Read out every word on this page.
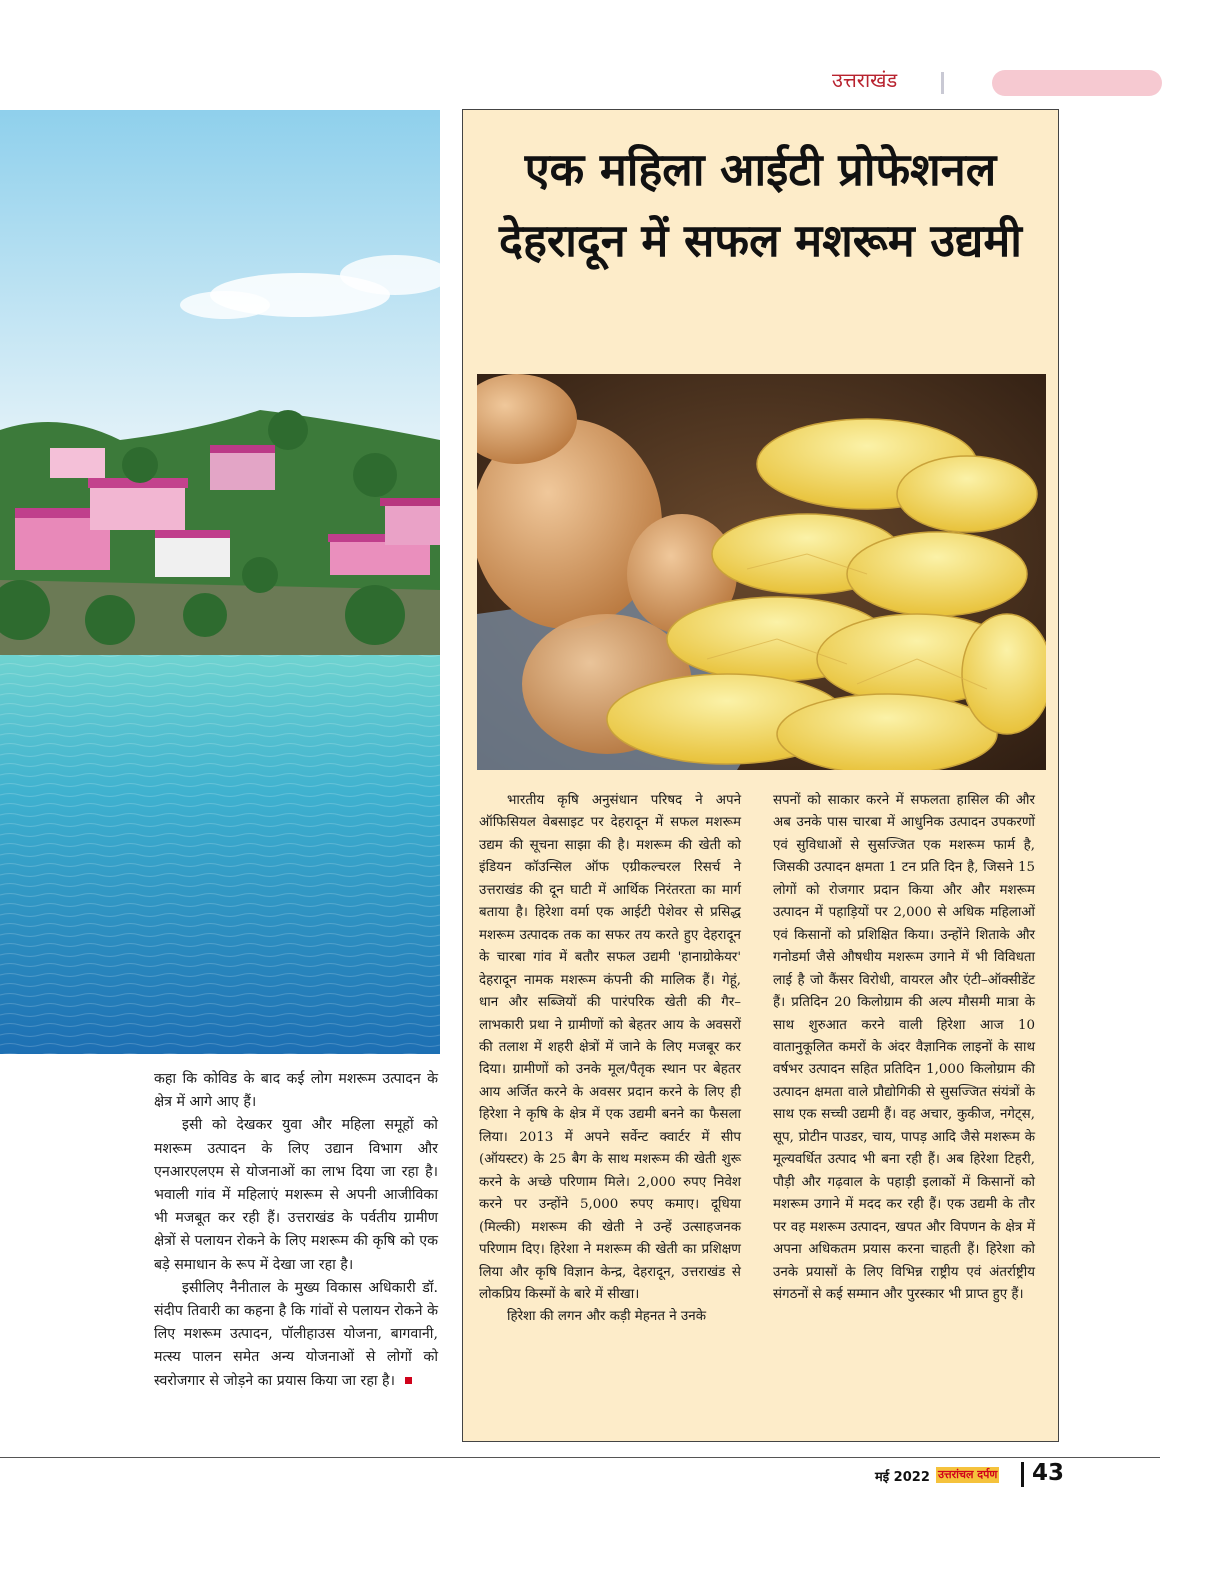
उत्तराखंड

कहा कि कोविड के बाद कई लोग मशरूम उत्पादन के क्षेत्र में आगे आए हैं।

इसी को देखकर युवा और महिला समूहों को मशरूम उत्पादन के लिए उद्यान विभाग और एनआरएलएम से योजनाओं का लाभ दिया जा रहा है। भवाली गांव में महिलाएं मशरूम से अपनी आजीविका भी मजबूत कर रही हैं। उत्तराखंड के पर्वतीय ग्रामीण क्षेत्रों से पलायन रोकने के लिए मशरूम की कृषि को एक बड़े समाधान के रूप में देखा जा रहा है।

इसीलिए नैनीताल के मुख्य विकास अधिकारी डॉ. संदीप तिवारी का कहना है कि गांवों से पलायन रोकने के लिए मशरूम उत्पादन, पॉलीहाउस योजना, बागवानी, मत्स्य पालन समेत अन्य योजनाओं से लोगों को स्वरोजगार से जोड़ने का प्रयास किया जा रहा है।

एक महिला आईटी प्रोफेशनल देहरादून में सफल मशरूम उद्यमी

भारतीय कृषि अनुसंधान परिषद ने अपने ऑफिसियल वेबसाइट पर देहरादून में सफल मशरूम उद्यम की सूचना साझा की है। मशरूम की खेती को इंडियन कॉउन्सिल ऑफ एग्रीकल्चरल रिसर्च ने उत्तराखंड की दून घाटी में आर्थिक निरंतरता का मार्ग बताया है। हिरेशा वर्मा एक आईटी पेशेवर से प्रसिद्ध मशरूम उत्पादक तक का सफर तय करते हुए देहरादून के चारबा गांव में बतौर सफल उद्यमी 'हानाग्रोकेयर' देहरादून नामक मशरूम कंपनी की मालिक हैं। गेहूं, धान और सब्जियों की पारंपरिक खेती की गैर–लाभकारी प्रथा ने ग्रामीणों को बेहतर आय के अवसरों की तलाश में शहरी क्षेत्रों में जाने के लिए मजबूर कर दिया। ग्रामीणों को उनके मूल/पैतृक स्थान पर बेहतर आय अर्जित करने के अवसर प्रदान करने के लिए ही हिरेशा ने कृषि के क्षेत्र में एक उद्यमी बनने का फैसला लिया। 2013 में अपने सर्वेन्ट क्वार्टर में सीप (ऑयस्टर) के 25 बैग के साथ मशरूम की खेती शुरू करने के अच्छे परिणाम मिले। 2,000 रुपए निवेश करने पर उन्होंने 5,000 रुपए कमाए। दूधिया (मिल्की) मशरूम की खेती ने उन्हें उत्साहजनक परिणाम दिए। हिरेशा ने मशरूम की खेती का प्रशिक्षण लिया और कृषि विज्ञान केन्द्र, देहरादून, उत्तराखंड से लोकप्रिय किस्मों के बारे में सीखा।

हिरेशा की लगन और कड़ी मेहनत ने उनके

सपनों को साकार करने में सफलता हासिल की और अब उनके पास चारबा में आधुनिक उत्पादन उपकरणों एवं सुविधाओं से सुसज्जित एक मशरूम फार्म है, जिसकी उत्पादन क्षमता 1 टन प्रति दिन है, जिसने 15 लोगों को रोजगार प्रदान किया और और मशरूम उत्पादन में पहाड़ियों पर 2,000 से अधिक महिलाओं एवं किसानों को प्रशिक्षित किया। उन्होंने शिताके और गनोडर्मा जैसे औषधीय मशरूम उगाने में भी विविधता लाई है जो कैंसर विरोधी, वायरल और एंटी–ऑक्सीडेंट हैं। प्रतिदिन 20 किलोग्राम की अल्प मौसमी मात्रा के साथ शुरुआत करने वाली हिरेशा आज 10 वातानुकूलित कमरों के अंदर वैज्ञानिक लाइनों के साथ वर्षभर उत्पादन सहित प्रतिदिन 1,000 किलोग्राम की उत्पादन क्षमता वाले प्रौद्योगिकी से सुसज्जित संयंत्रों के साथ एक सच्ची उद्यमी हैं। वह अचार, कुकीज, नगेट्स, सूप, प्रोटीन पाउडर, चाय, पापड़ आदि जैसे मशरूम के मूल्यवर्धित उत्पाद भी बना रही हैं। अब हिरेशा टिहरी, पौड़ी और गढ़वाल के पहाड़ी इलाकों में किसानों को मशरूम उगाने में मदद कर रही हैं। एक उद्यमी के तौर पर वह मशरूम उत्पादन, खपत और विपणन के क्षेत्र में अपना अधिकतम प्रयास करना चाहती हैं। हिरेशा को उनके प्रयासों के लिए विभिन्न राष्ट्रीय एवं अंतर्राष्ट्रीय संगठनों से कई सम्मान और पुरस्कार भी प्राप्त हुए हैं।

मई 2022 उत्तरांचल दर्पण 43
